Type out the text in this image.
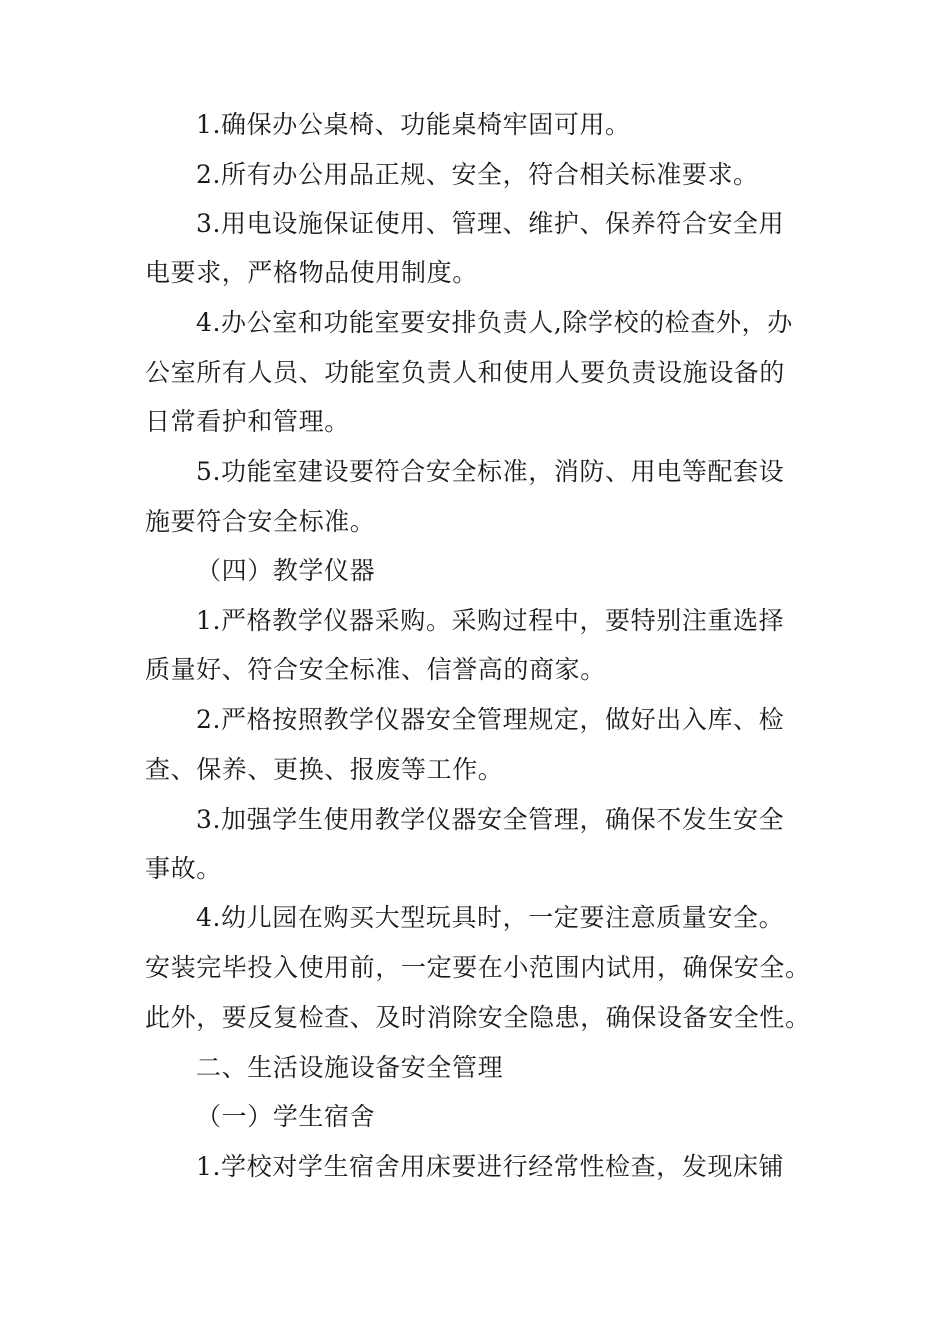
1.确保办公桌椅、功能桌椅牢固可用。
2.所有办公用品正规、安全，符合相关标准要求。
3.用电设施保证使用、管理、维护、保养符合安全用
电要求，严格物品使用制度。
4.办公室和功能室要安排负责人,除学校的检查外，办
公室所有人员、功能室负责人和使用人要负责设施设备的
日常看护和管理。
5.功能室建设要符合安全标准，消防、用电等配套设
施要符合安全标准。
（四）教学仪器
1.严格教学仪器采购。采购过程中，要特别注重选择
质量好、符合安全标准、信誉高的商家。
2.严格按照教学仪器安全管理规定，做好出入库、检
查、保养、更换、报废等工作。
3.加强学生使用教学仪器安全管理，确保不发生安全
事故。
4.幼儿园在购买大型玩具时，一定要注意质量安全。
安装完毕投入使用前，一定要在小范围内试用，确保安全。
此外，要反复检查、及时消除安全隐患，确保设备安全性。
二、生活设施设备安全管理
（一）学生宿舍
1.学校对学生宿舍用床要进行经常性检查，发现床铺
